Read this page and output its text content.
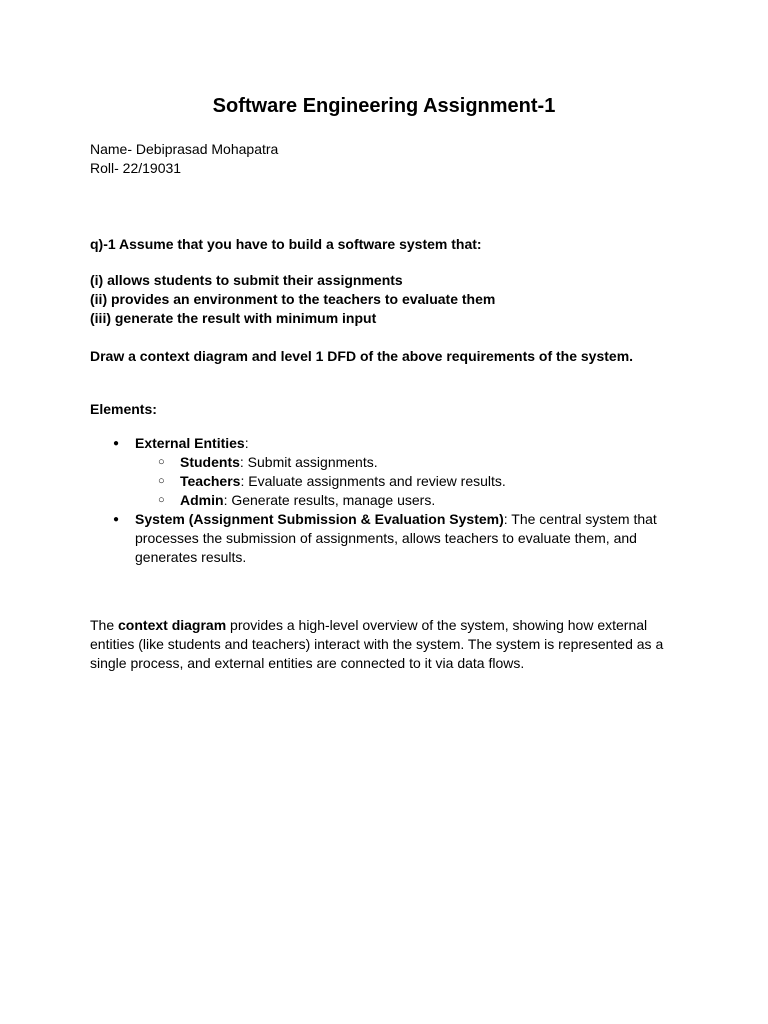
Software Engineering Assignment-1
Name- Debiprasad Mohapatra
Roll- 22/19031
q)-1 Assume that you have to build a software system that:
(i) allows students to submit their assignments
(ii) provides an environment to the teachers to evaluate them
(iii) generate the result with minimum input
Draw a context diagram and level 1 DFD of the above requirements of the system.
Elements:
● External Entities:
○ Students: Submit assignments.
○ Teachers: Evaluate assignments and review results.
○ Admin: Generate results, manage users.
● System (Assignment Submission & Evaluation System): The central system that
processes the submission of assignments, allows teachers to evaluate them, and
generates results.
The context diagram provides a high-level overview of the system, showing how external
entities (like students and teachers) interact with the system. The system is represented as a
single process, and external entities are connected to it via data flows.
